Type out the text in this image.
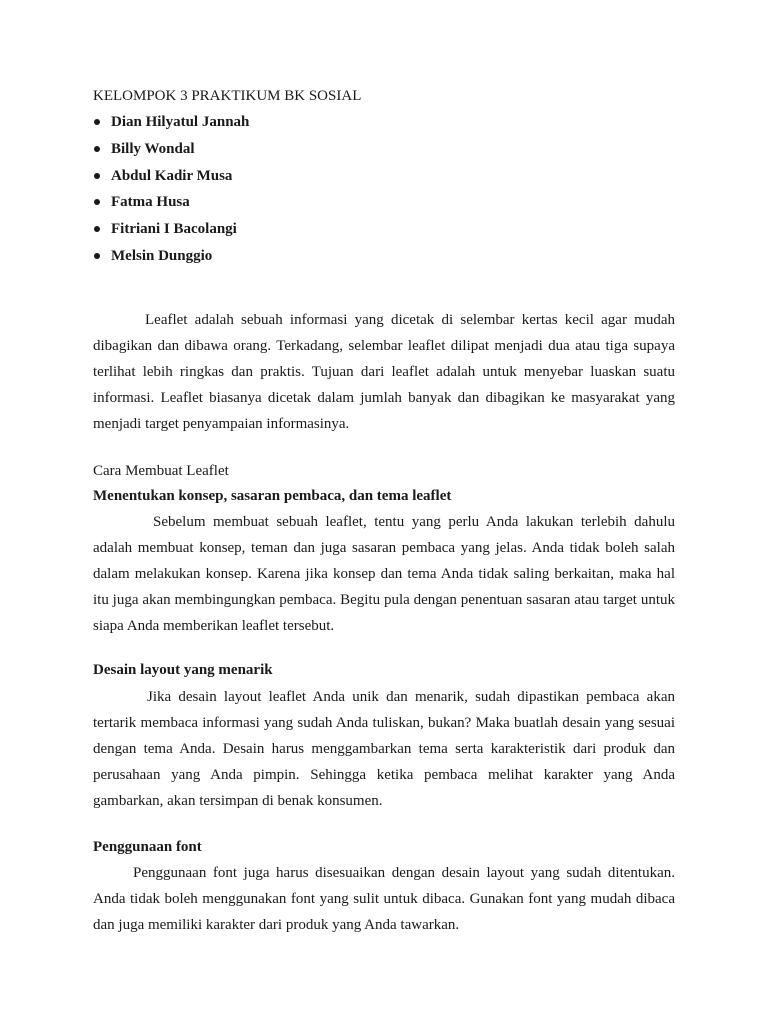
KELOMPOK 3 PRAKTIKUM BK SOSIAL
Dian Hilyatul Jannah
Billy Wondal
Abdul Kadir Musa
Fatma Husa
Fitriani I Bacolangi
Melsin Dunggio

Leaflet adalah sebuah informasi yang dicetak di selembar kertas kecil agar mudah dibagikan dan dibawa orang. Terkadang, selembar leaflet dilipat menjadi dua atau tiga supaya terlihat lebih ringkas dan praktis. Tujuan dari leaflet adalah untuk menyebar luaskan suatu informasi. Leaflet biasanya dicetak dalam jumlah banyak dan dibagikan ke masyarakat yang menjadi target penyampaian informasinya.

Cara Membuat Leaflet
Menentukan konsep, sasaran pembaca, dan tema leaflet

Sebelum membuat sebuah leaflet, tentu yang perlu Anda lakukan terlebih dahulu adalah membuat konsep, teman dan juga sasaran pembaca yang jelas. Anda tidak boleh salah dalam melakukan konsep. Karena jika konsep dan tema Anda tidak saling berkaitan, maka hal itu juga akan membingungkan pembaca. Begitu pula dengan penentuan sasaran atau target untuk siapa Anda memberikan leaflet tersebut.

Desain layout yang menarik

Jika desain layout leaflet Anda unik dan menarik, sudah dipastikan pembaca akan tertarik membaca informasi yang sudah Anda tuliskan, bukan? Maka buatlah desain yang sesuai dengan tema Anda. Desain harus menggambarkan tema serta karakteristik dari produk dan perusahaan yang Anda pimpin. Sehingga ketika pembaca melihat karakter yang Anda gambarkan, akan tersimpan di benak konsumen.

Penggunaan font

Penggunaan font juga harus disesuaikan dengan desain layout yang sudah ditentukan. Anda tidak boleh menggunakan font yang sulit untuk dibaca. Gunakan font yang mudah dibaca dan juga memiliki karakter dari produk yang Anda tawarkan.
